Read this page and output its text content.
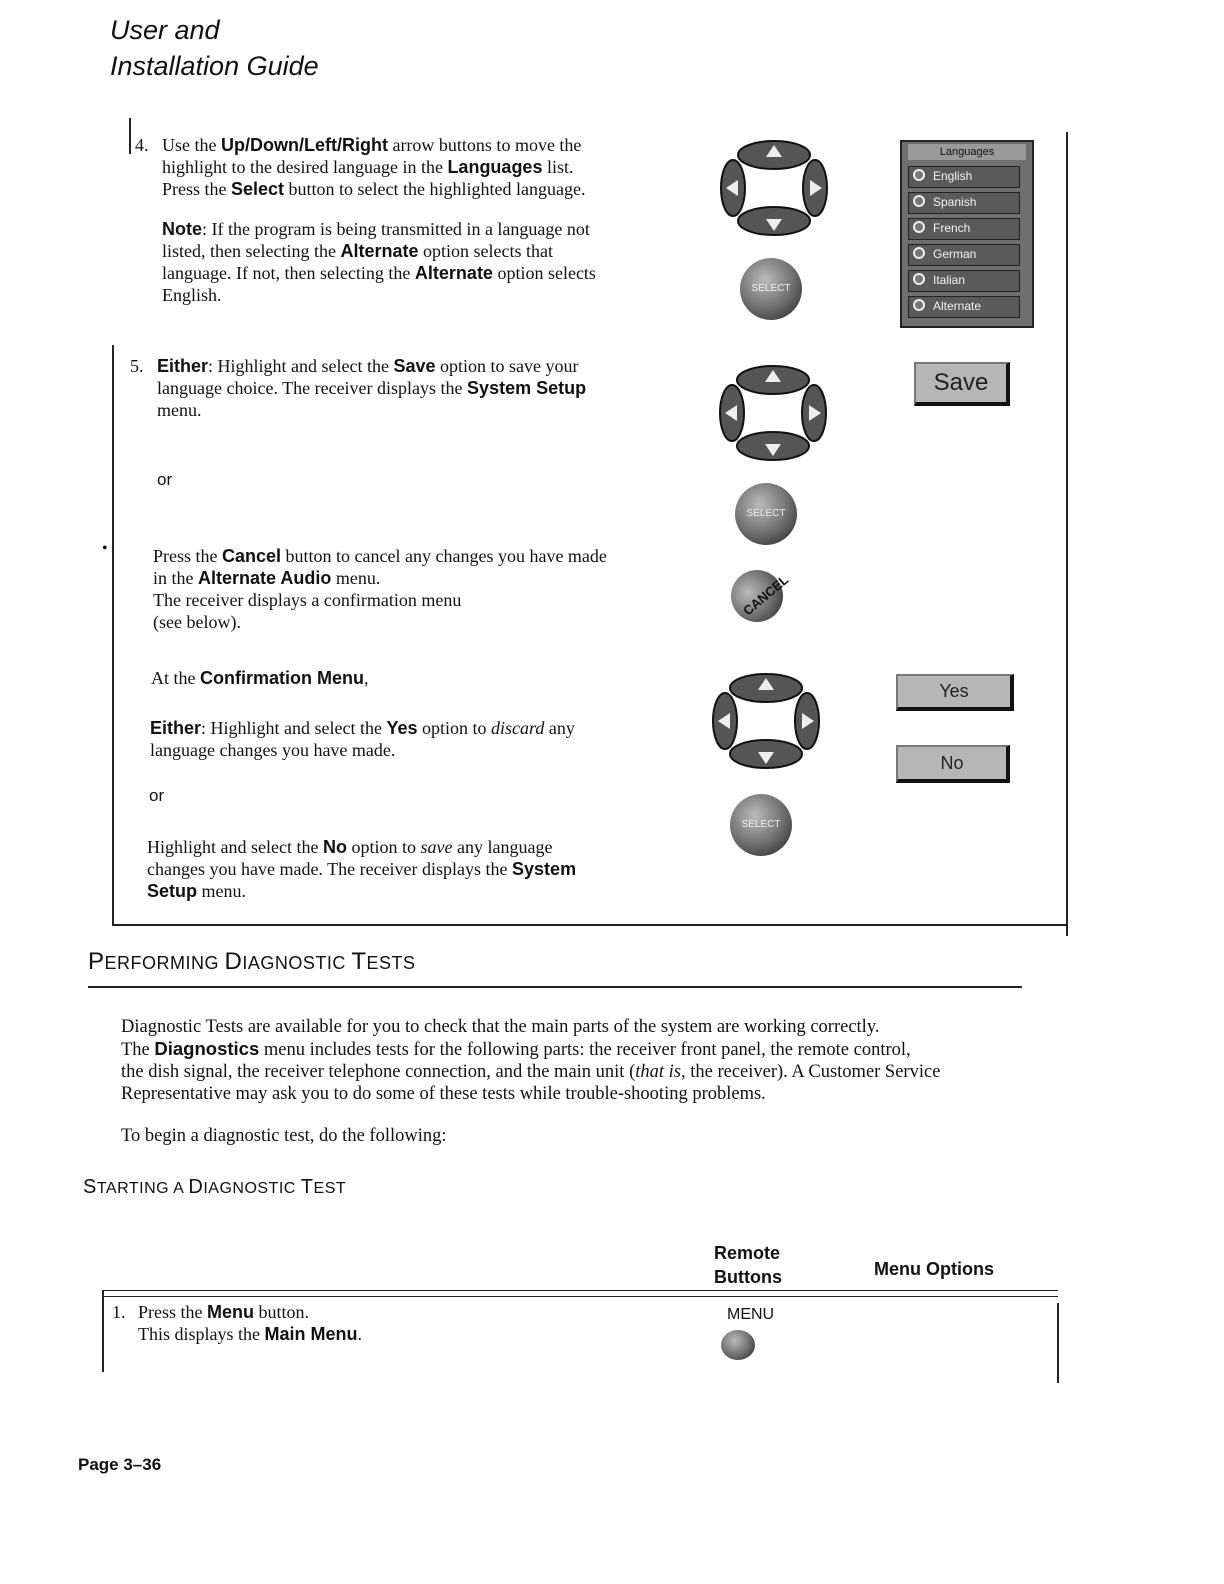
User and
Installation Guide
4. Use the Up/Down/Left/Right arrow buttons to move the
highlight to the desired language in the Languages list.
Press the Select button to select the highlighted language.
Note: If the program is being transmitted in a language not
listed, then selecting the Alternate option selects that
language. If not, then selecting the Alternate option selects
English.
5. Either: Highlight and select the Save option to save your
language choice. The receiver displays the System Setup
menu.
or
•	Press the Cancel button to cancel any changes you have made
in the Alternate Audio menu.
The receiver displays a confirmation menu
(see below).
At the Confirmation Menu,
Either: Highlight and select the Yes option to discard any
language changes you have made.
or
Highlight and select the No option to save any language
changes you have made. The receiver displays the System
Setup menu.
SELECT
SELECT
SELECT
CANCEL
Languages
English
Spanish
French
German
Italian
Alternate
Save
Yes
No
PERFORMING DIAGNOSTIC TESTS
Diagnostic Tests are available for you to check that the main parts of the system are working correctly.
The Diagnostics menu includes tests for the following parts: the receiver front panel, the remote control,
the dish signal, the receiver telephone connection, and the main unit (that is, the receiver). A Customer Service
Representative may ask you to do some of these tests while trouble-shooting problems.
To begin a diagnostic test, do the following:
STARTING A DIAGNOSTIC TEST
Remote
Buttons	Menu Options
1. Press the Menu button.
This displays the Main Menu.
MENU
Page 3–36
